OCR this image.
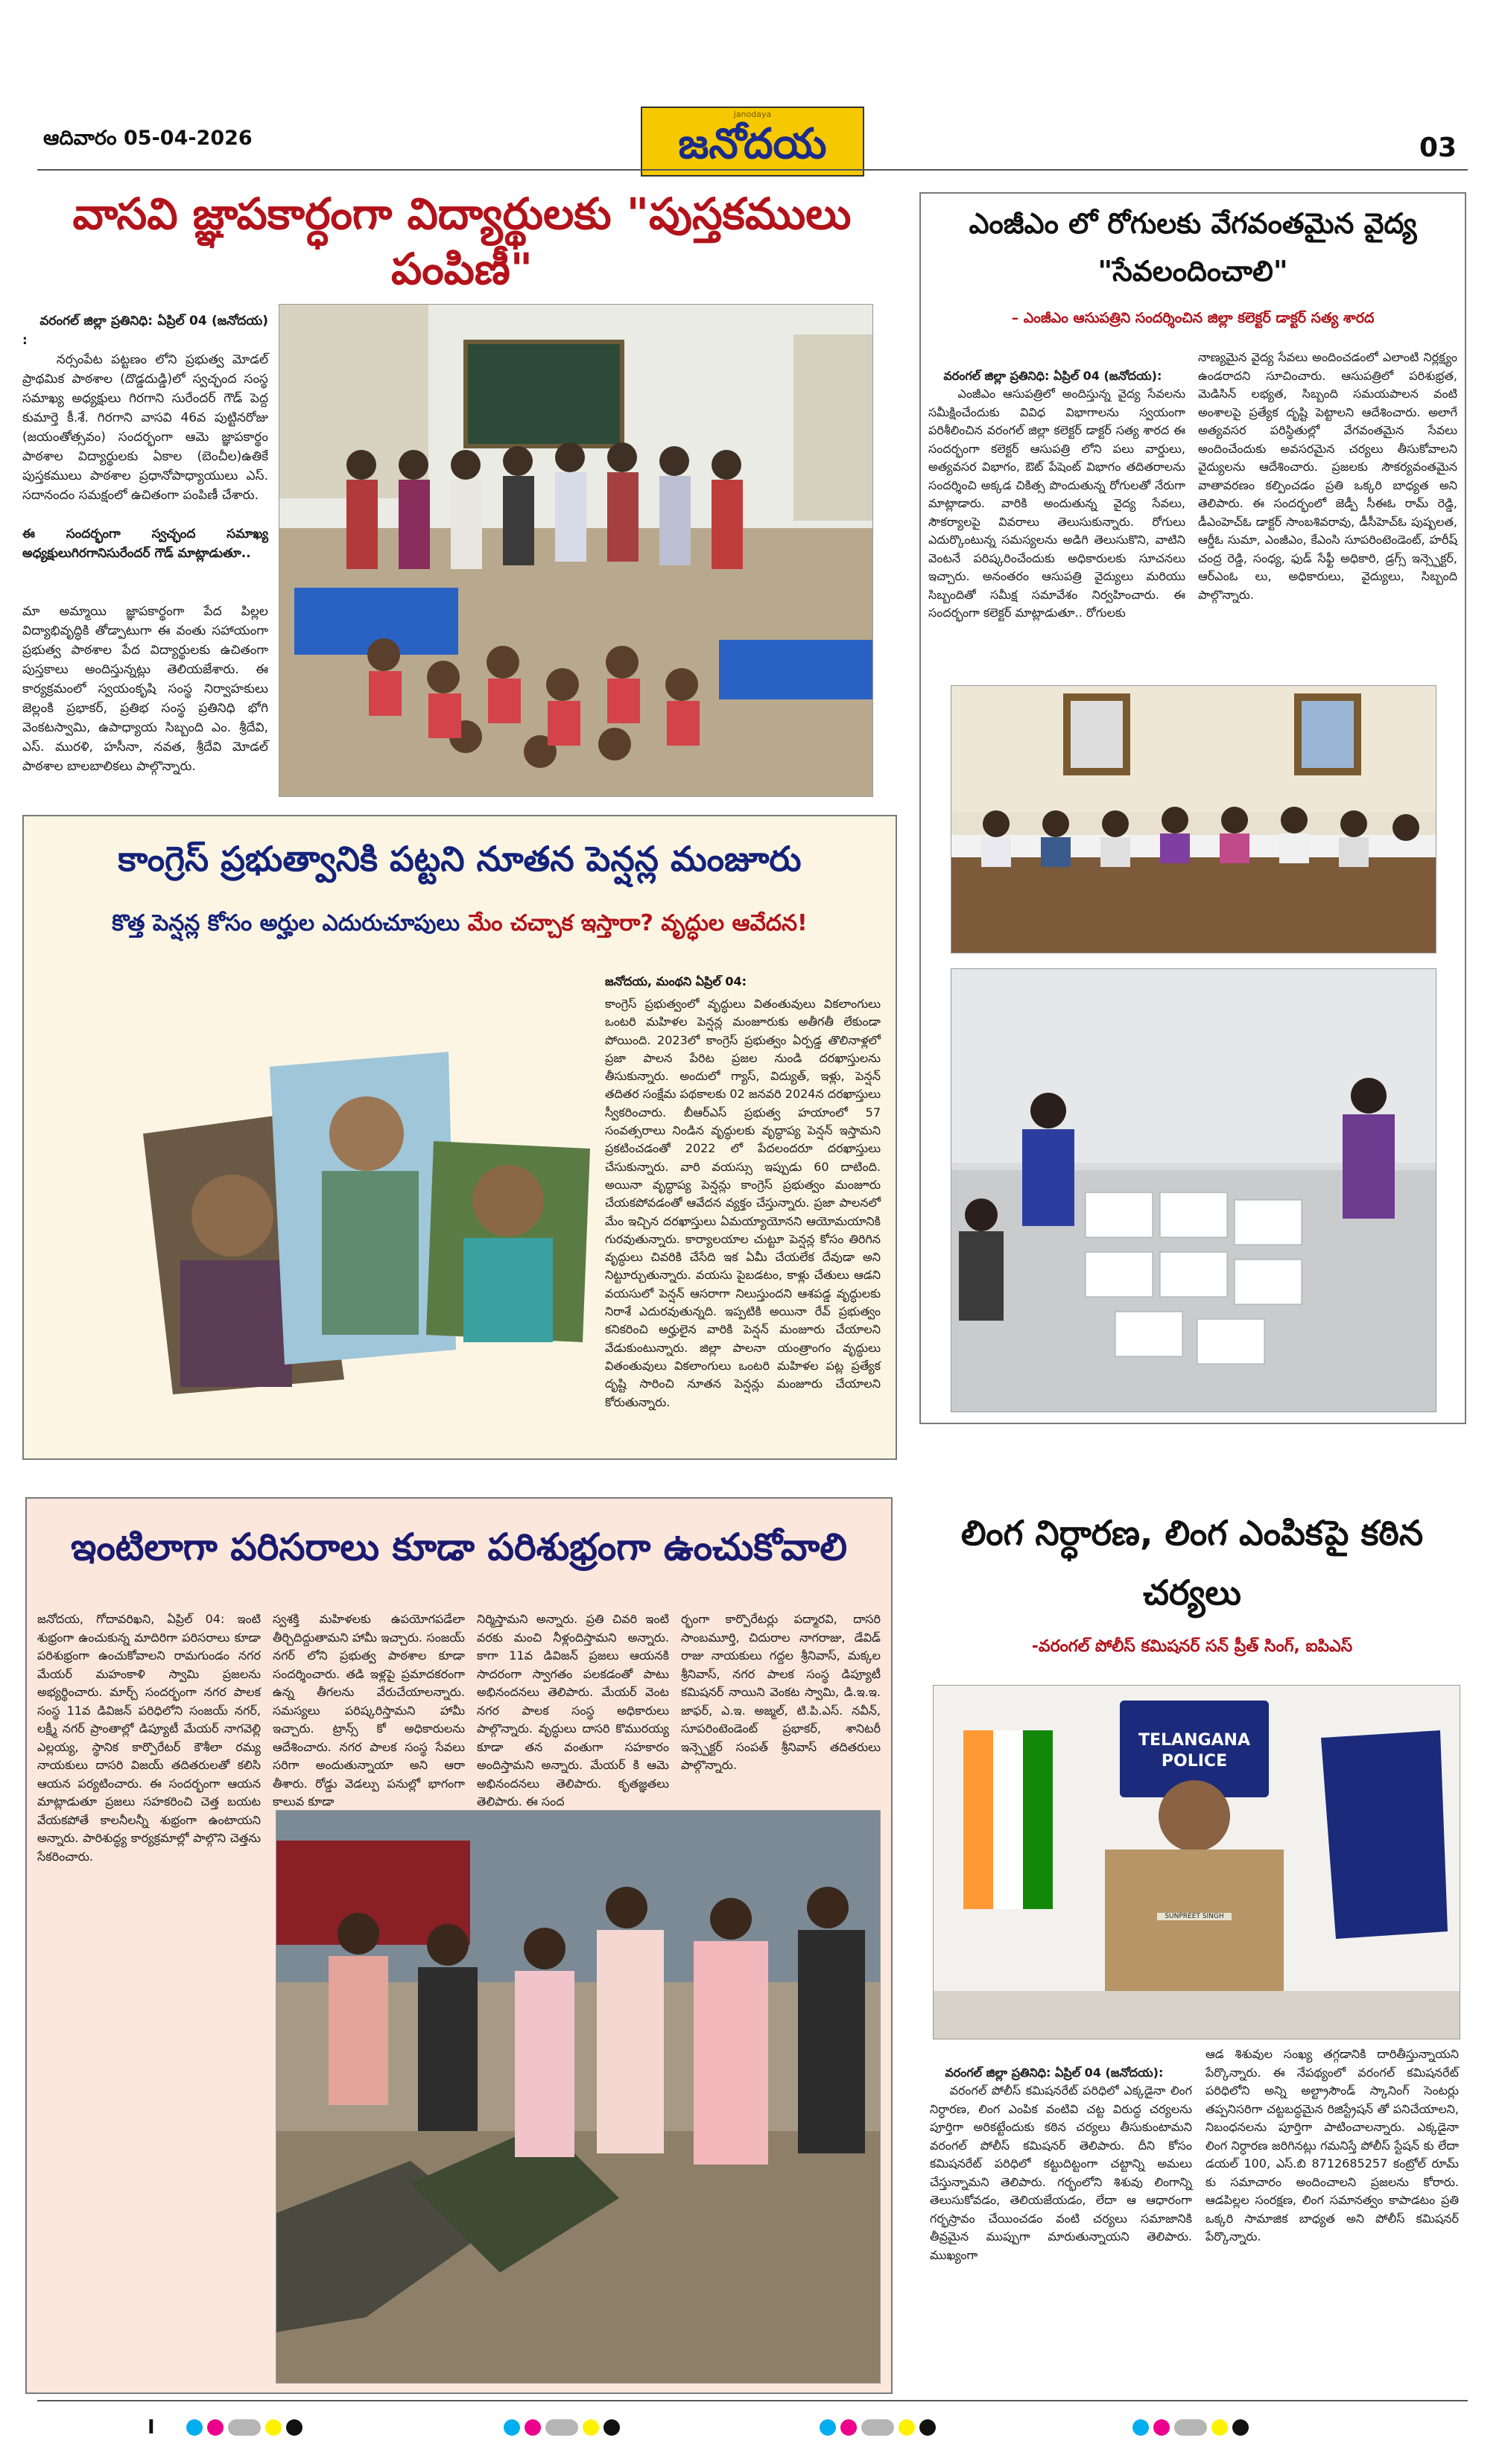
ఆదివారం 05-04-2026
janodaya
జనోదయ	03
వాసవి జ్ఞాపకార్ధంగా విద్యార్థులకు "పుస్తకములు పంపిణీ"

వరంగల్ జిల్లా ప్రతినిధి: ఏప్రిల్ 04 (జనోదయ) :
నర్సంపేట పట్టణం లోని ప్రభుత్వ మోడల్ ప్రాథమిక పాఠశాల (దొడ్డదుడ్డి)లో స్వచ్ఛంద సంస్థ సమాఖ్య అధ్యక్షులు గిరగాని సురేందర్ గౌడ్ పెద్ద కుమార్తె కీ.శే. గిరగాని వాసవి 46వ పుట్టినరోజు (జయంతోత్సవం) సందర్భంగా ఆమె జ్ఞాపకార్థం పాఠశాల విద్యార్థులకు ఏకాల (బెంచీల)ఉతికే పుస్తకములు పాఠశాల ప్రధానోపాధ్యాయులు ఎస్. సదానందం సమక్షంలో ఉచితంగా పంపిణీ చేశారు.

ఈ సందర్భంగా స్వచ్ఛంద సమాఖ్య అధ్యక్షులుగిరగానిసురేందర్ గౌడ్ మాట్లాడుతూ..

మా అమ్మాయి జ్ఞాపకార్థంగా పేద పిల్లల విద్యాభివృద్ధికి తోడ్పాటుగా ఈ వంతు సహాయంగా ప్రభుత్వ పాఠశాల పేద విద్యార్థులకు ఉచితంగా పుస్తకాలు అందిస్తున్నట్లు తెలియజేశారు. ఈ కార్యక్రమంలో స్వయంకృషి సంస్థ నిర్వాహకులు జెల్లంకి ప్రభాకర్, ప్రతిభ సంస్థ ప్రతినిధి భోగి వెంకటస్వామి, ఉపాధ్యాయ సిబ్బంది ఎం. శ్రీదేవి, ఎస్. మురళి, హసీనా, నవత, శ్రీదేవి మోడల్ పాఠశాల బాలబాలికలు పాల్గొన్నారు.

ఎంజీఎం లో రోగులకు వేగవంతమైన వైద్య
"సేవలందించాలి"
– ఎంజీఎం ఆసుపత్రిని సందర్శించిన జిల్లా కలెక్టర్ డాక్టర్ సత్య శారద

వరంగల్ జిల్లా ప్రతినిధి: ఏప్రిల్ 04 (జనోదయ):
ఎంజీఎం ఆసుపత్రిలో అందిస్తున్న వైద్య సేవలను సమీక్షించేందుకు వివిధ విభాగాలను స్వయంగా పరిశీలించిన వరంగల్ జిల్లా కలెక్టర్ డాక్టర్ సత్య శారద ఈ సందర్భంగా కలెక్టర్ ఆసుపత్రి లోని పలు వార్డులు, అత్యవసర విభాగం, ఔట్ పేషెంట్ విభాగం తదితరాలను సందర్శించి అక్కడ చికిత్స పొందుతున్న రోగులతో నేరుగా మాట్లాడారు. వారికి అందుతున్న వైద్య సేవలు, సౌకర్యాలపై వివరాలు తెలుసుకున్నారు. రోగులు ఎదుర్కొంటున్న సమస్యలను అడిగి తెలుసుకొని, వాటిని వెంటనే పరిష్కరించేందుకు అధికారులకు సూచనలు ఇచ్చారు. అనంతరం ఆసుపత్రి వైద్యులు మరియు సిబ్బందితో సమీక్ష సమావేశం నిర్వహించారు. ఈ సందర్భంగా కలెక్టర్ మాట్లాడుతూ.. రోగులకు

నాణ్యమైన వైద్య సేవలు అందించడంలో ఎలాంటి నిర్లక్ష్యం ఉండరాదని సూచించారు. ఆసుపత్రిలో పరిశుభ్రత, మెడిసిన్ లభ్యత, సిబ్బంది సమయపాలన వంటి అంశాలపై ప్రత్యేక దృష్టి పెట్టాలని ఆదేశించారు. అలాగే అత్యవసర పరిస్థితుల్లో వేగవంతమైన సేవలు అందించేందుకు అవసరమైన చర్యలు తీసుకోవాలని వైద్యులను ఆదేశించారు. ప్రజలకు సౌకర్యవంతమైన వాతావరణం కల్పించడం ప్రతి ఒక్కరి బాధ్యత అని తెలిపారు. ఈ సందర్భంలో జెడ్పీ సీఈఓ రామ్ రెడ్డి, డీఎంహెచ్ఓ డాక్టర్ సాంబశివరావు, డీసీహెచ్ఓ పుష్పలత, ఆర్డీఓ సుమా, ఎంజీఎం, కేఎంసి సూపరింటెండెంట్, హరీష్ చంద్ర రెడ్డి, సంధ్య, ఫుడ్ సేఫ్టీ అధికారి, డ్రగ్స్ ఇన్స్పెక్టర్, ఆర్ఎంఓ లు, అధికారులు, వైద్యులు, సిబ్బంది పాల్గొన్నారు.
కాంగ్రెస్ ప్రభుత్వానికి పట్టని నూతన పెన్షన్ల మంజూరు
కొత్త పెన్షన్ల కోసం అర్హుల ఎదురుచూపులు మేం చచ్చాక ఇస్తారా? వృద్ధుల ఆవేదన!
జనోదయ, మంథని ఏప్రిల్ 04:
కాంగ్రెస్ ప్రభుత్వంలో వృద్ధులు వితంతువులు వికలాంగులు ఒంటరి మహిళల పెన్షన్ల మంజూరుకు అతీగతీ లేకుండా పోయింది. 2023లో కాంగ్రెస్ ప్రభుత్వం ఏర్పడ్డ తొలినాళ్లలో ప్రజా పాలన పేరిట ప్రజల నుండి దరఖాస్తులను తీసుకున్నారు. అందులో గ్యాస్, విద్యుత్, ఇళ్లు, పెన్షన్ తదితర సంక్షేమ పథకాలకు 02 జనవరి 2024న దరఖాస్తులు స్వీకరించారు. బీఆర్ఎస్ ప్రభుత్వ హయాంలో 57 సంవత్సరాలు నిండిన వృద్ధులకు వృద్ధాప్య పెన్షన్ ఇస్తామని ప్రకటించడంతో 2022 లో పేదలందరూ దరఖాస్తులు చేసుకున్నారు. వారి వయస్సు ఇప్పుడు 60 దాటింది. అయినా వృద్ధాప్య పెన్షన్లు కాంగ్రెస్ ప్రభుత్వం మంజూరు చేయకపోవడంతో ఆవేదన వ్యక్తం చేస్తున్నారు. ప్రజా పాలనలో మేం ఇచ్చిన దరఖాస్తులు ఏమయ్యాయోనని ఆయోమయానికి గురవుతున్నారు. కార్యాలయాల చుట్టూ పెన్షన్ల కోసం తిరిగిన వృద్ధులు చివరికి చేసేది ఇక ఏమీ చేయలేక దేవుడా అని నిట్టూర్చుతున్నారు. వయసు పైబడటం, కాళ్లు చేతులు ఆడని వయసులో పెన్షన్ ఆసరాగా నిలుస్తుందని ఆశపడ్డ వృద్ధులకు నిరాశే ఎదురవుతున్నది. ఇప్పటికి అయినా రేవ్ ప్రభుత్వం కనికరించి అర్హులైన వారికి పెన్షన్ మంజూరు చేయాలని వేడుకుంటున్నారు. జిల్లా పాలనా యంత్రాంగం వృద్ధులు వితంతువులు వికలాంగులు ఒంటరి మహిళల పట్ల ప్రత్యేక దృష్టి సారించి నూతన పెన్షన్లు మంజూరు చేయాలని కోరుతున్నారు.
ఇంటిలాగా పరిసరాలు కూడా పరిశుభ్రంగా ఉంచుకోవాలి
జనోదయ, గోదావరిఖని, ఏప్రిల్ 04: ఇంటి శుభ్రంగా ఉంచుకున్న మాదిరిగా పరిసరాలు కూడా పరిశుభ్రంగా ఉంచుకోవాలని రామగుండం నగర మేయర్ మహంకాళి స్వామి ప్రజలను అభ్యర్థించారు. మార్చ్ సందర్భంగా నగర పాలక సంస్థ 11వ డివిజన్ పరిధిలోని సంజయ్ నగర్, లక్ష్మీ నగర్ ప్రాంతాల్లో డిప్యూటీ మేయర్ నాగవెల్లి ఎల్లయ్య, స్థానిక కార్పొరేటర్ కౌశీలా రమ్య నాయకులు దాసరి విజయ్ తదితరులతో కలిసి ఆయన పర్యటించారు. ఈ సందర్భంగా ఆయన మాట్లాడుతూ ప్రజలు సహకరించి చెత్త బయట వేయకపోతే కాలనీలన్నీ శుభ్రంగా ఉంటాయని అన్నారు. పారిశుద్ధ్య కార్యక్రమాల్లో పాల్గొని చెత్తను సేకరించారు.
స్వశక్తి మహిళలకు ఉపయోగపడేలా తీర్చిదిద్దుతామని హామీ ఇచ్చారు. సంజయ్ నగర్ లోని ప్రభుత్వ పాఠశాల కూడా సందర్శించారు. తడి ఇళ్లపై ప్రమాదకరంగా ఉన్న తీగలను వేరుచేయాలన్నారు. సమస్యలు పరిష్కరిస్తామని హామీ ఇచ్చారు. ట్రాన్స్ కో అధికారులను ఆదేశించారు. నగర పాలక సంస్థ సేవలు సరిగా అందుతున్నాయా అని ఆరా తీశారు. రోడ్డు వెడల్పు పనుల్లో భాగంగా కాలువ కూడా
నిర్మిస్తామని అన్నారు. ప్రతి చివరి ఇంటి వరకు మంచి నీళ్లందిస్తామని అన్నారు. కాగా 11వ డివిజన్ ప్రజలు ఆయనకి సాదరంగా స్వాగతం పలకడంతో పాటు అభినందనలు తెలిపారు. మేయర్ వెంట నగర పాలక సంస్థ అధికారులు పాల్గొన్నారు. వృద్ధులు దాసరి కొమురయ్య కూడా తన వంతుగా సహకారం అందిస్తామని అన్నారు. మేయర్ కి ఆమె అభినందనలు తెలిపారు. కృతజ్ఞతలు తెలిపారు. ఈ సంద
ర్భంగా కార్పొరేటర్లు పద్మారవి, దాసరి సాంబమూర్తి, చిదురాల నాగరాజు, డేవిడ్ రాజు నాయకులు గద్దల శ్రీనివాస్, మక్కల శ్రీనివాస్, నగర పాలక సంస్థ డిప్యూటీ కమిషనర్ నాయిని వెంకట స్వామి, డి.ఇ.ఇ. జాఫర్, ఎ.ఇ. అజ్మల్, టి.పి.ఎస్. నవీన్, సూపరింటెండెంట్ ప్రభాకర్, శానిటరీ ఇన్స్పెక్టర్ సంపత్ శ్రీనివాస్ తదితరులు పాల్గొన్నారు.
లింగ నిర్ధారణ, లింగ ఎంపికపై కఠిన చర్యలు
-వరంగల్ పోలీస్ కమిషనర్ సన్ ప్రీత్ సింగ్, ఐపిఎస్
TELANGANA POLICE
SUNPREET SINGH

వరంగల్ జిల్లా ప్రతినిధి: ఏప్రిల్ 04 (జనోదయ):
వరంగల్ పోలీస్ కమిషనరేట్ పరిధిలో ఎక్కడైనా లింగ నిర్ధారణ, లింగ ఎంపిక వంటివి చట్ట విరుద్ధ చర్యలను పూర్తిగా అరికట్టేందుకు కఠిన చర్యలు తీసుకుంటామని వరంగల్ పోలీస్ కమిషనర్ తెలిపారు. దీని కోసం కమిషనరేట్ పరిధిలో కట్టుదిట్టంగా చట్టాన్ని అమలు చేస్తున్నామని తెలిపారు. గర్భంలోని శిశువు లింగాన్ని తెలుసుకోవడం, తెలియజేయడం, లేదా ఆ ఆధారంగా గర్భస్రావం చేయించడం వంటి చర్యలు సమాజానికి తీవ్రమైన ముప్పుగా మారుతున్నాయని తెలిపారు. ముఖ్యంగా

ఆడ శిశువుల సంఖ్య తగ్గడానికి దారితీస్తున్నాయని పేర్కొన్నారు. ఈ నేపథ్యంలో వరంగల్ కమిషనరేట్ పరిధిలోని అన్ని అల్ట్రాసౌండ్ స్కానింగ్ సెంటర్లు తప్పనిసరిగా చట్టబద్ధమైన రిజిస్ట్రేషన్ తో పనిచేయాలని, నిబంధనలను పూర్తిగా పాటించాలన్నారు. ఎక్కడైనా లింగ నిర్ధారణ జరిగినట్లు గమనిస్తే పోలీస్ స్టేషన్ కు లేదా డయల్ 100, ఎస్.బి 8712685257 కంట్రోల్ రూమ్ కు సమాచారం అందించాలని ప్రజలను కోరారు. ఆడపిల్లల సంరక్షణ, లింగ సమానత్వం కాపాడటం ప్రతి ఒక్కరి సామాజిక బాధ్యత అని పోలీస్ కమిషనర్ పేర్కొన్నారు.
I
